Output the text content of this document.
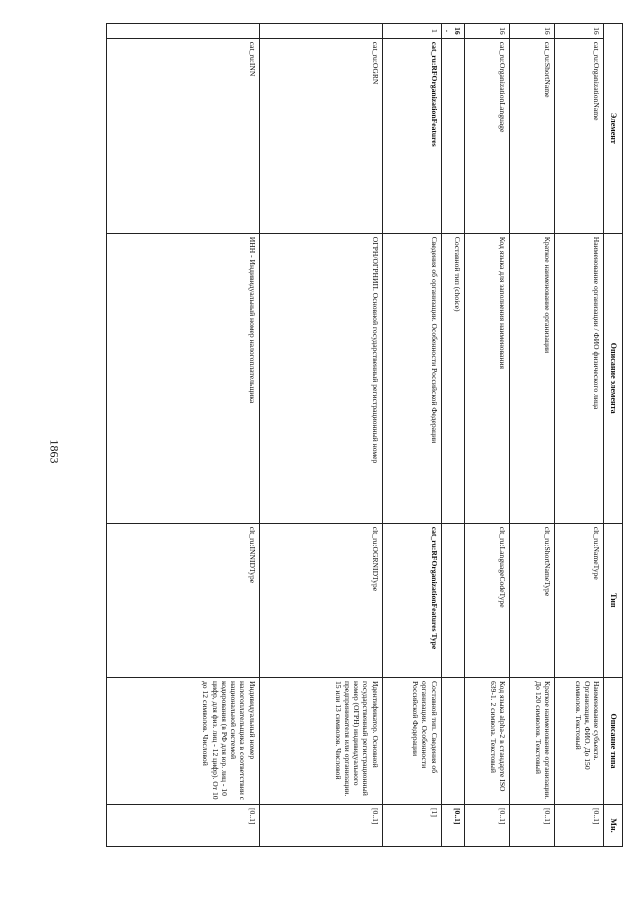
1863
Элемент		Описание элемента	Тип	Описание типа	Мн.
16	cat_ru:OrganizationName	Наименование организации / ФИО физического лица	clt_ru:NameType	Наименование субъекта. Организация, ФИО. До 150 символов. Текстовый	[0..1]
16	cat_ru:ShortName	Краткое наименование организации	clt_ru:ShortNameType	Краткое наименование организации. До 120 символов. Текстовый	[0..1]
16	cat_ru:OrganizationLanguage	Код языка для заполнения наименования	clt_ru:LanguageCodeType	Код языка alpha-2 в стандарте ISO 639-1. 2 символа. Текстовый	[0..1]
16.		Составной тип (choice)			[0..1]
1	cat_ru:RFOrganizationFeatures	Сведения об организации. Особенности Российской Федерации	cat_ru:RFOrganizationFeatures Type	Составной тип. Сведения об организации. Особенности Российской Федерации	[1]
	cat_ru:OGRN	ОГРН/ОГРНИП. Основной государственный регистрационный номер	clt_ru:OGRNIDType	Идентификатор. Основной государственный регистрационный номер (ОГРН) индивидуального предпринимателя или организации. 15 или 13 символов. Числовой	[0..1]
	cat_ru:INN	ИНН - Индивидуальный номер налогоплательщика	clt_ru:INNIDType	Индивидуальный номер налогоплательщика в соответствии с национальной системой кодирования (в РФ для юр. лиц - 10 цифр, для физ. лиц - 12 цифр). От 10 до 12 символов. Числовой	[0..1]
